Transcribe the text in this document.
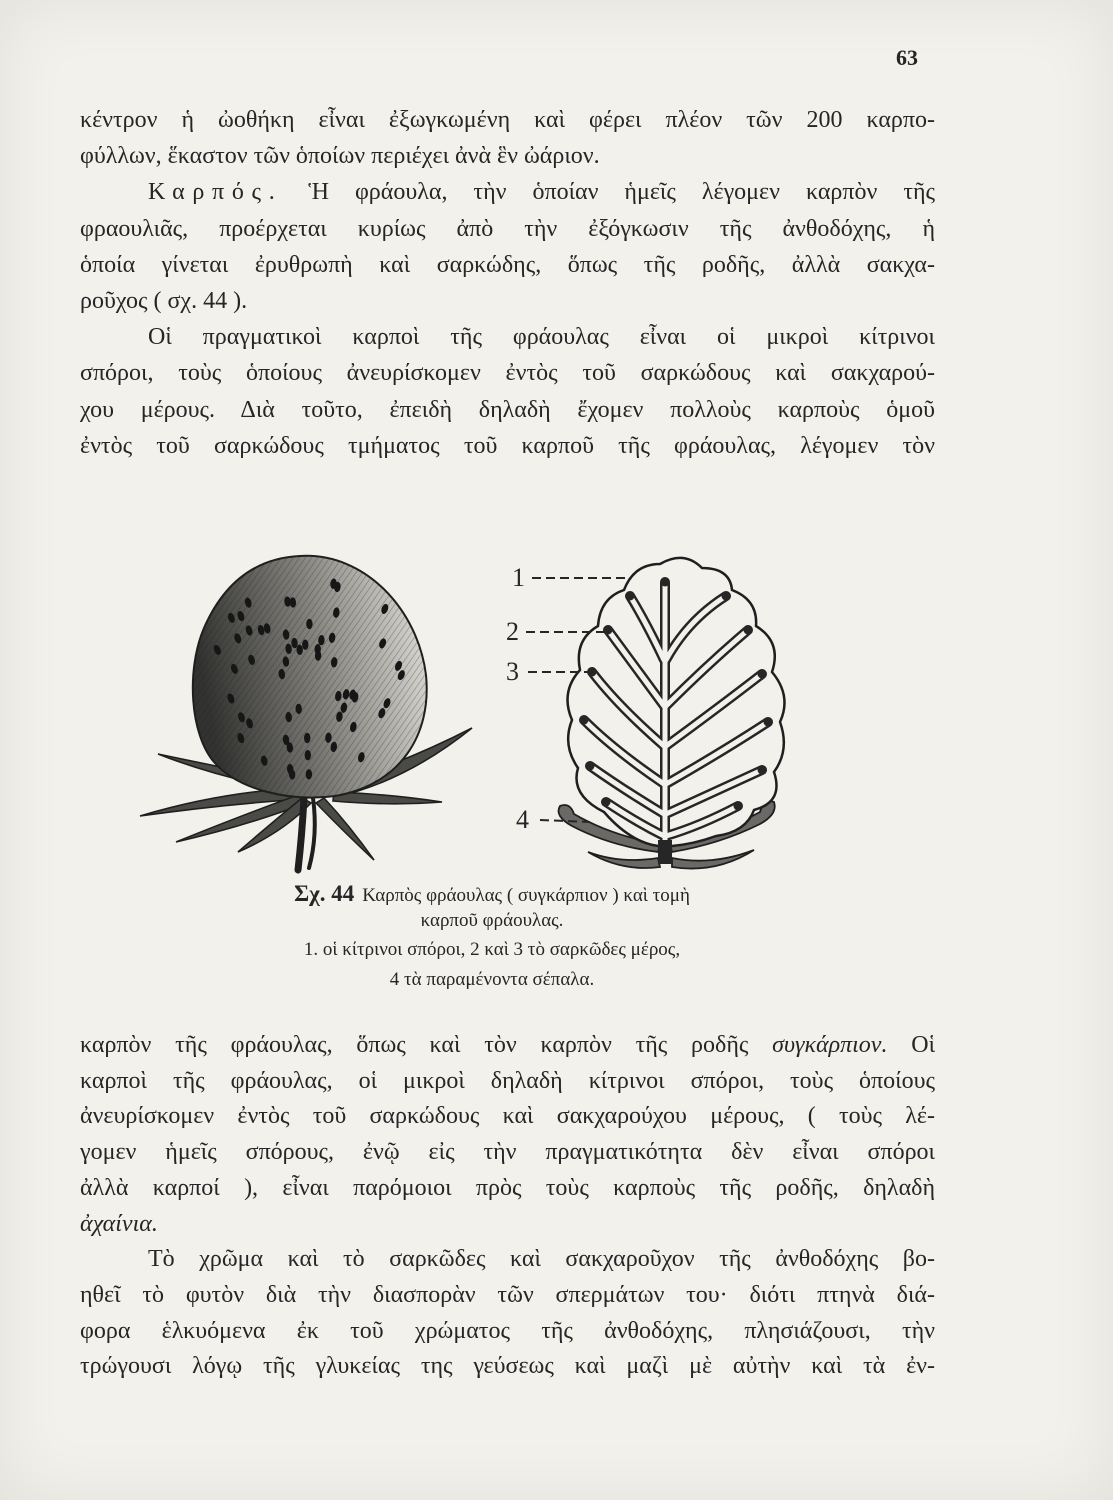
63
κέντρον ἡ ὠοθήκη εἶναι ἐξωγκωμένη καὶ φέρει πλέον τῶν 200 καρπο-
φύλλων, ἕκαστον τῶν ὁποίων περιέχει ἀνὰ ἓν ὠάριον.
Καρπός. Ἡ φράουλα, τὴν ὁποίαν ἡμεῖς λέγομεν καρπὸν τῆς
φραουλιᾶς, προέρχεται κυρίως ἀπὸ τὴν ἐξόγκωσιν τῆς ἀνθοδόχης, ἡ
ὁποία γίνεται ἐρυθρωπὴ καὶ σαρκώδης, ὅπως τῆς ροδῆς, ἀλλὰ σακχα-
ροῦχος ( σχ. 44 ).
Οἱ πραγματικοὶ καρποὶ τῆς φράουλας εἶναι οἱ μικροὶ κίτρινοι
σπόροι, τοὺς ὁποίους ἀνευρίσκομεν ἐντὸς τοῦ σαρκώδους καὶ σακχαρού-
χου μέρους. Διὰ τοῦτο, ἐπειδὴ δηλαδὴ ἔχομεν πολλοὺς καρποὺς ὁμοῦ
ἐντὸς τοῦ σαρκώδους τμήματος τοῦ καρποῦ τῆς φράουλας, λέγομεν τὸν
1
2
3
4
Σχ. 44 Καρπὸς φράουλας ( συγκάρπιον ) καὶ τομὴ
καρποῦ φράουλας.
1. οἱ κίτρινοι σπόροι, 2 καὶ 3 τὸ σαρκῶδες μέρος,
4 τὰ παραμένοντα σέπαλα.
καρπὸν τῆς φράουλας, ὅπως καὶ τὸν καρπὸν τῆς ροδῆς συγκάρπιον. Οἱ
καρποὶ τῆς φράουλας, οἱ μικροὶ δηλαδὴ κίτρινοι σπόροι, τοὺς ὁποίους
ἀνευρίσκομεν ἐντὸς τοῦ σαρκώδους καὶ σακχαρούχου μέρους, ( τοὺς λέ-
γομεν ἡμεῖς σπόρους, ἐνῷ εἰς τὴν πραγματικότητα δὲν εἶναι σπόροι
ἀλλὰ καρποί ), εἶναι παρόμοιοι πρὸς τοὺς καρποὺς τῆς ροδῆς, δηλαδὴ
ἀχαίνια.
Τὸ χρῶμα καὶ τὸ σαρκῶδες καὶ σακχαροῦχον τῆς ἀνθοδόχης βο-
ηθεῖ τὸ φυτὸν διὰ τὴν διασπορὰν τῶν σπερμάτων του· διότι πτηνὰ διά-
φορα ἑλκυόμενα ἐκ τοῦ χρώματος τῆς ἀνθοδόχης, πλησιάζουσι, τὴν
τρώγουσι λόγῳ τῆς γλυκείας της γεύσεως καὶ μαζὶ μὲ αὐτὴν καὶ τὰ ἐν-
